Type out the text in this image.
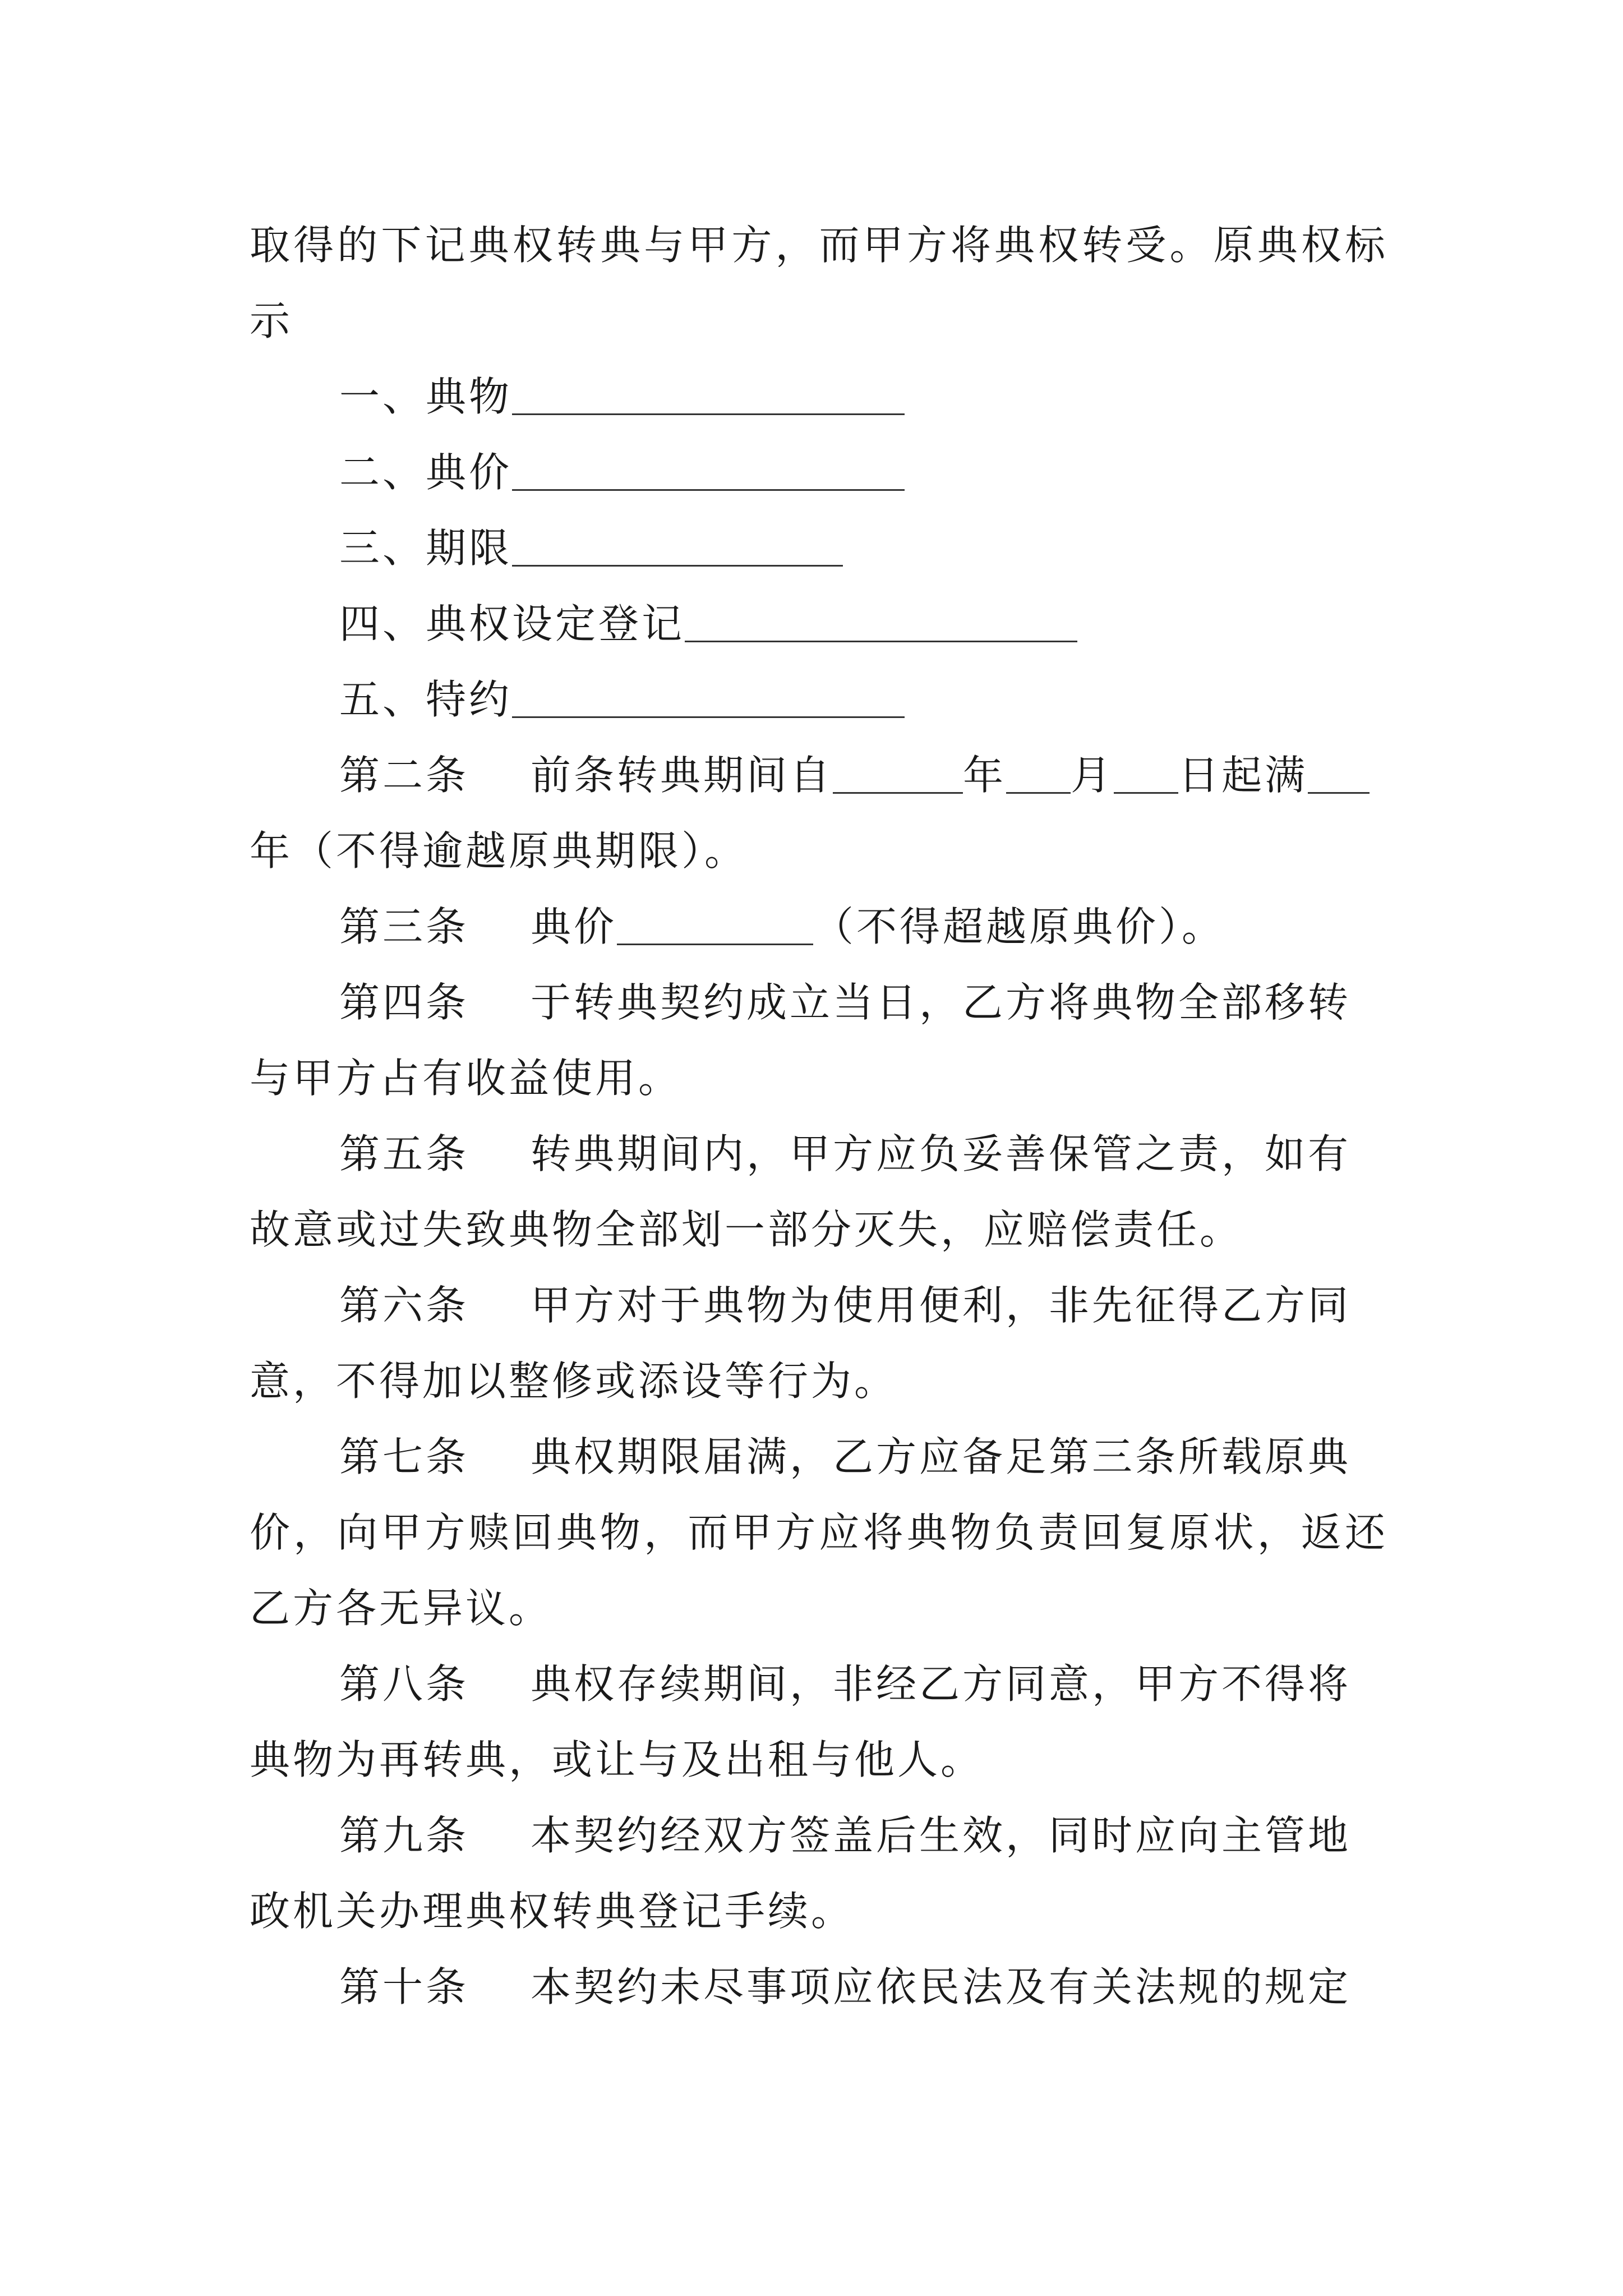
取得的下记典权转典与甲方，而甲方将典权转受。原典权标
示
一、典物
二、典价
三、期限
四、典权设定登记
五、特约
第二条 前条转典期间自	年 月 日起满
年（不得逾越原典期限）。
第三条 典价	（不得超越原典价）。
第四条 于转典契约成立当日，乙方将典物全部移转
与甲方占有收益使用。
第五条 转典期间内，甲方应负妥善保管之责，如有
故意或过失致典物全部划一部分灭失，应赔偿责任。
第六条 甲方对于典物为使用便利，非先征得乙方同
意，不得加以整修或添设等行为。
第七条 典权期限届满，乙方应备足第三条所载原典
价，向甲方赎回典物，而甲方应将典物负责回复原状，返还
乙方各无异议。
第八条 典权存续期间，非经乙方同意，甲方不得将
典物为再转典，或让与及出租与他人。
第九条 本契约经双方签盖后生效，同时应向主管地
政机关办理典权转典登记手续。
第十条 本契约未尽事项应依民法及有关法规的规定
